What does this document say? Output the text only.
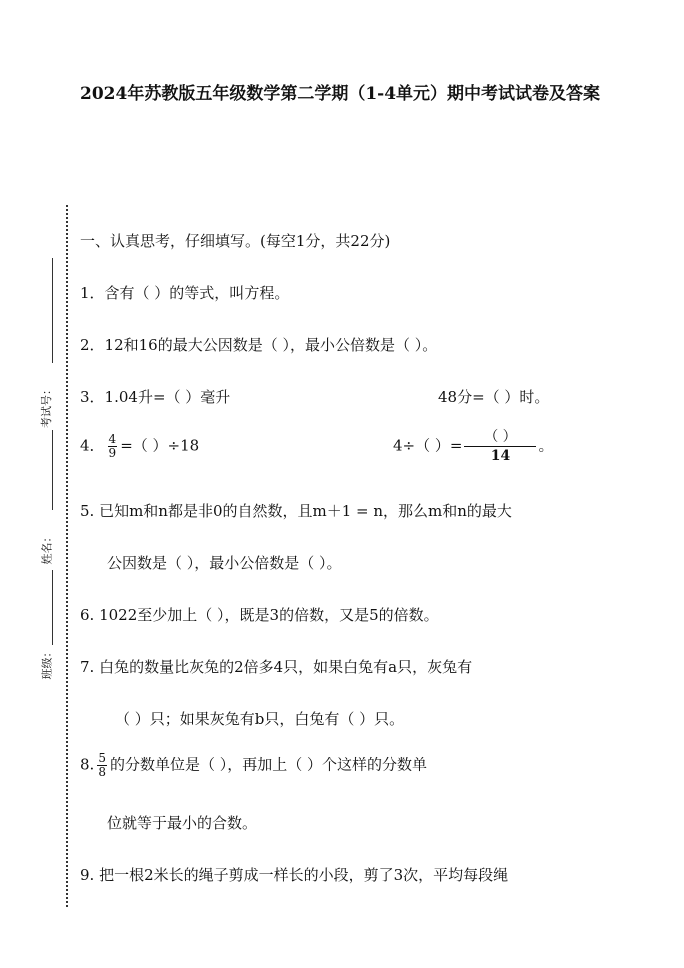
2024年苏教版五年级数学第二学期（1-4单元）期中考试试卷及答案
考试号：
姓名：
班级：
一、认真思考，仔细填写。(每空1分，共22分)
1．含有（ ）的等式，叫方程。
2．12和16的最大公因数是（ ），最小公倍数是（ ）。
3．1.04升=（ ）毫升	48分=（ ）时。
4． $\frac{4}{9}$ =（ ）÷18	4÷（ ）= $\frac{( )}{14}$ 。
5. 已知m和n都是非0的自然数，且m＋1 = n，那么m和n的最大
公因数是（ ），最小公倍数是（ ）。
6. 1022至少加上（ ），既是3的倍数，又是5的倍数。
7. 白兔的数量比灰兔的2倍多4只，如果白兔有a只，灰兔有
（ ）只；如果灰兔有b只，白兔有（ ）只。
8. $\frac{5}{8}$ 的分数单位是（ ），再加上（ ）个这样的分数单
位就等于最小的合数。
9. 把一根2米长的绳子剪成一样长的小段，剪了3次，平均每段绳
